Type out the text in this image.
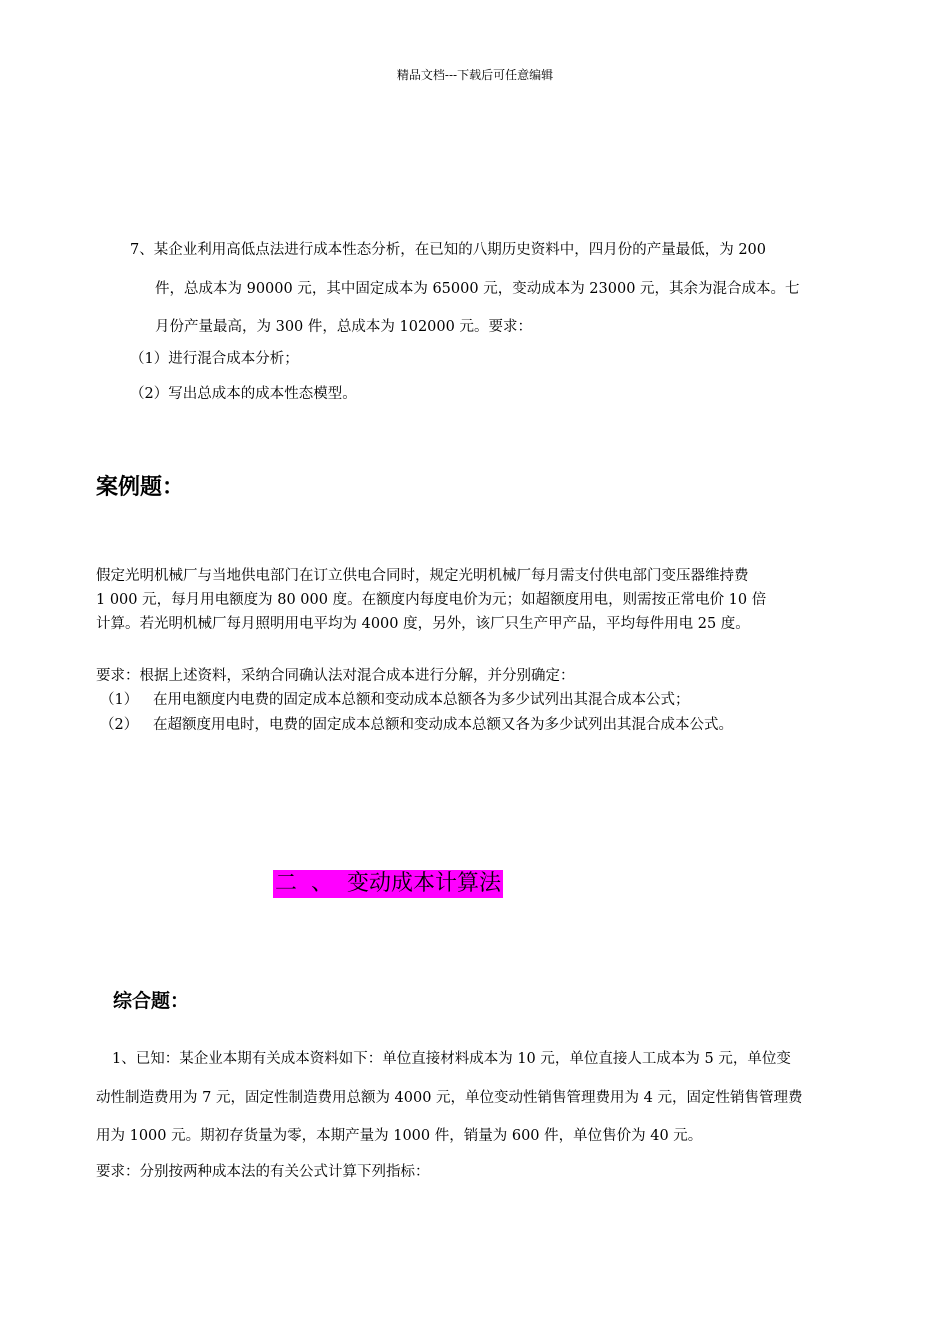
精品文档---下载后可任意编辑
7、某企业利用高低点法进行成本性态分析，在已知的八期历史资料中，四月份的产量最低，为 200
件，总成本为 90000 元，其中固定成本为 65000 元，变动成本为 23000 元，其余为混合成本。七
月份产量最高，为 300 件，总成本为 102000 元。要求：
（1）进行混合成本分析；
（2）写出总成本的成本性态模型。
案例题：
假定光明机械厂与当地供电部门在订立供电合同时，规定光明机械厂每月需支付供电部门变压器维持费
1 000 元，每月用电额度为 80 000 度。在额度内每度电价为元；如超额度用电，则需按正常电价 10 倍
计算。若光明机械厂每月照明用电平均为 4000 度，另外，该厂只生产甲产品，平均每件用电 25 度。
要求：根据上述资料，采纳合同确认法对混合成本进行分解，并分别确定：
（1） 在用电额度内电费的固定成本总额和变动成本总额各为多少试列出其混合成本公式；
（2） 在超额度用电时，电费的固定成本总额和变动成本总额又各为多少试列出其混合成本公式。
二 、 变动成本计算法
综合题：
1、已知：某企业本期有关成本资料如下：单位直接材料成本为 10 元，单位直接人工成本为 5 元，单位变
动性制造费用为 7 元，固定性制造费用总额为 4000 元，单位变动性销售管理费用为 4 元，固定性销售管理费
用为 1000 元。期初存货量为零，本期产量为 1000 件，销量为 600 件，单位售价为 40 元。
要求：分别按两种成本法的有关公式计算下列指标：
